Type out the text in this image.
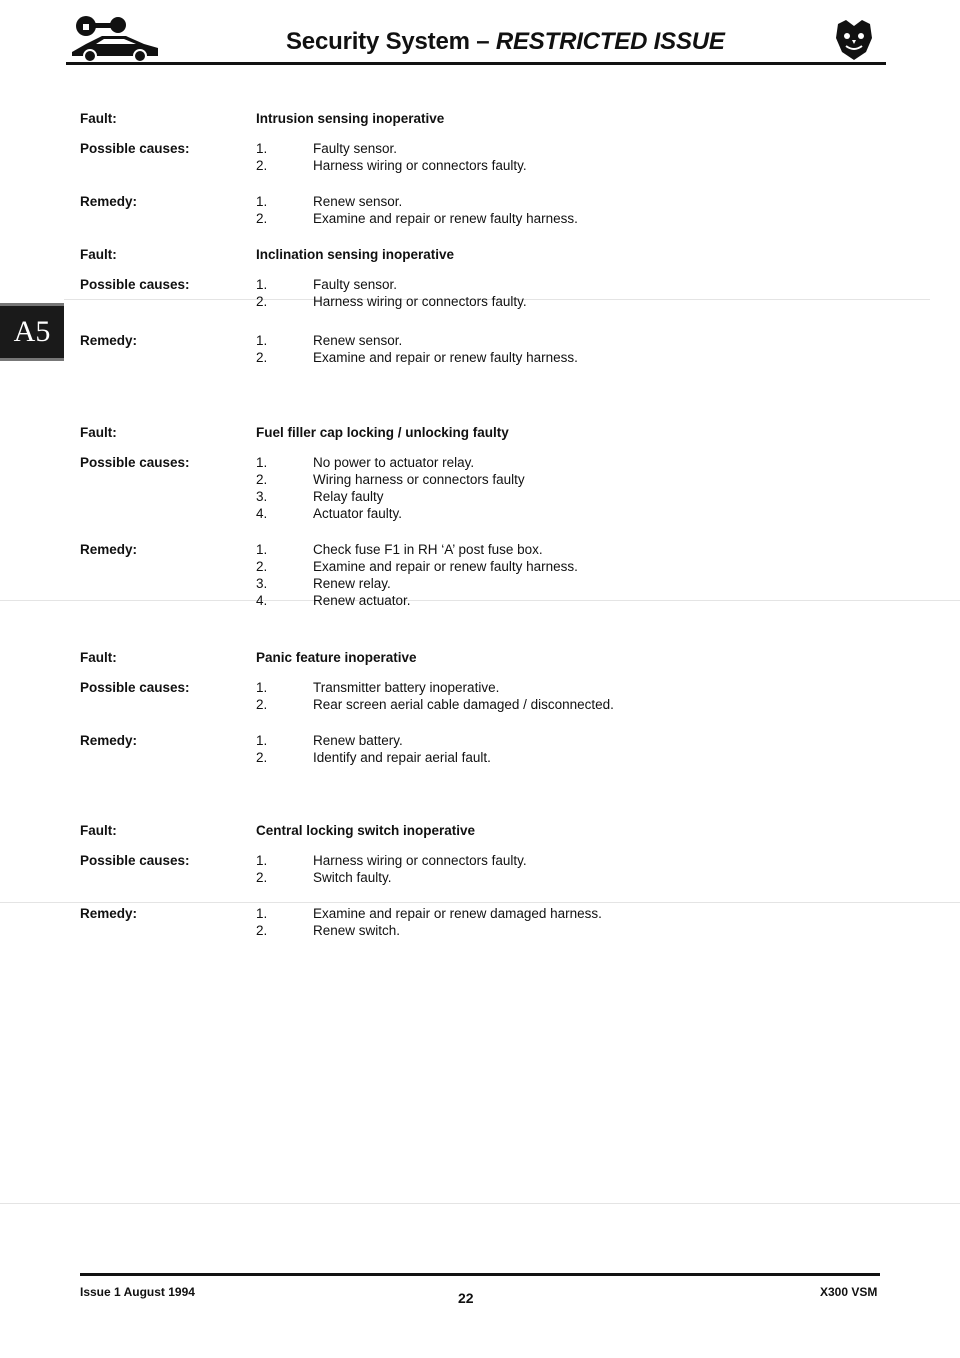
Security System – RESTRICTED ISSUE
A5
Fault:	Intrusion sensing inoperative
Possible causes:	1.	Faulty sensor.
2.	Harness wiring or connectors faulty.
Remedy:	1.	Renew sensor.
2.	Examine and repair or renew faulty harness.
Fault:	Inclination sensing inoperative
Possible causes:	1.	Faulty sensor.
2.	Harness wiring or connectors faulty.
Remedy:	1.	Renew sensor.
2.	Examine and repair or renew faulty harness.
Fault:	Fuel filler cap locking / unlocking faulty
Possible causes:	1.	No power to actuator relay.
2.	Wiring harness or connectors faulty
3.	Relay faulty
4.	Actuator faulty.
Remedy:	1.	Check fuse F1 in RH ‘A’ post fuse box.
2.	Examine and repair or renew faulty harness.
3.	Renew relay.
4.	Renew actuator.
Fault:	Panic feature inoperative
Possible causes:	1.	Transmitter battery inoperative.
2.	Rear screen aerial cable damaged / disconnected.
Remedy:	1.	Renew battery.
2.	Identify and repair aerial fault.
Fault:	Central locking switch inoperative
Possible causes:	1.	Harness wiring or connectors faulty.
2.	Switch faulty.
Remedy:	1.	Examine and repair or renew damaged harness.
2.	Renew switch.
Issue 1 August 1994	22	X300 VSM
